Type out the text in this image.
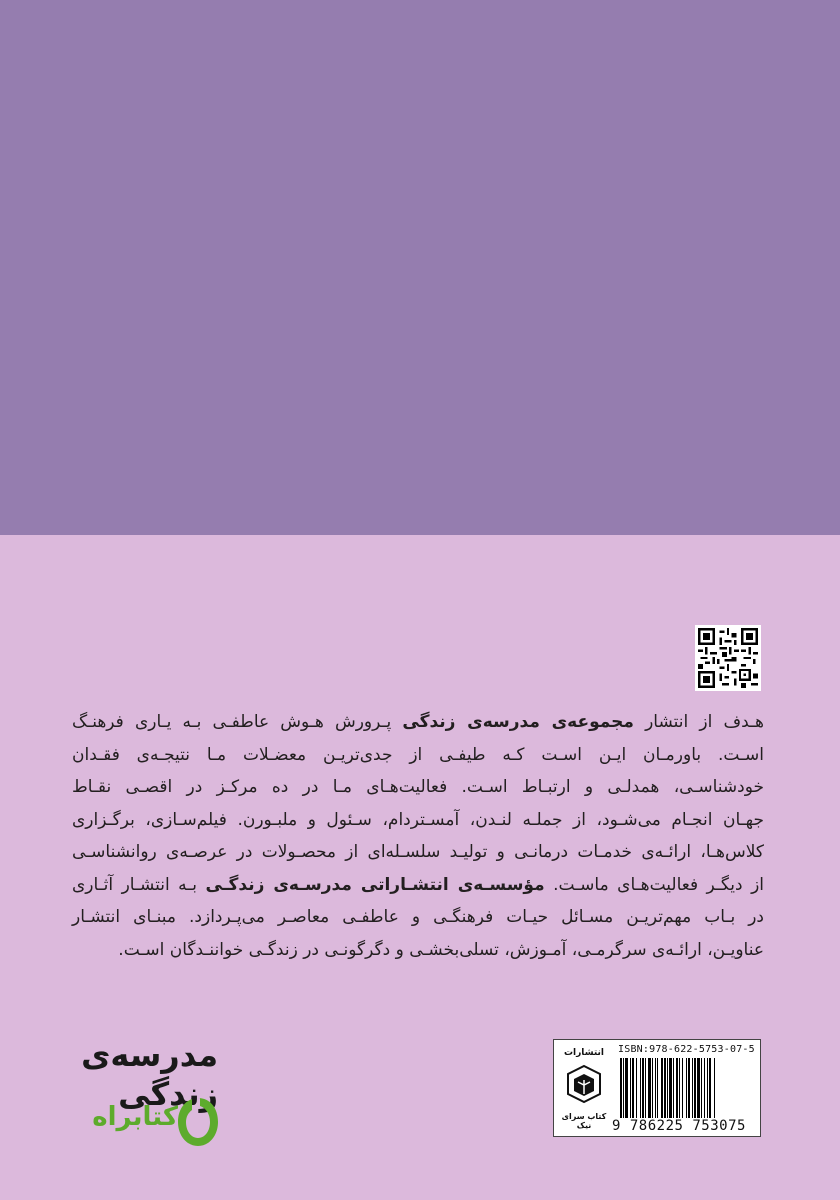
هـدف از انتشار مجموعه‌ی مدرسه‌ی زندگی پـرورش هـوش عاطفـی بـه یـاری فرهنـگ
اسـت. باورمـان ایـن اسـت کـه طیفـی از جدی‌تریـن معضـلات مـا نتیجـه‌ی فقـدان
خودشناسـی، همدلـی و ارتبـاط اسـت. فعالیت‌هـای مـا در ده مرکـز در اقصـی نقـاط
جهـان انجـام می‌شـود، از جملـه لنـدن، آمسـتردام، سـئول و ملبـورن. فیلم‌سـازی، برگـزاری
کلاس‌هـا، ارائـه‌ی خدمـات درمانـی و تولیـد سلسـله‌ای از محصـولات در عرصـه‌ی روانشناسـی
از دیگـر فعالیت‌هـای ماسـت. مؤسسـه‌ی انتشـاراتی مدرسـه‌ی زندگـی بـه انتشـار آثـاری
در بـاب مهم‌تریـن مسـائل حیـات فرهنگـی و عاطفـی معاصـر می‌پـردازد. مبنـای انتشـار
عناویـن، ارائـه‌ی سرگرمـی، آمـوزش، تسلی‌بخشـی و دگرگونـی در زندگـی خواننـدگان اسـت.
مدرسه‌ی
زندگی
کتابراه
انتشارات
کتاب سرای نیک
ISBN:978-622-5753-07-5
9 786225 753075
